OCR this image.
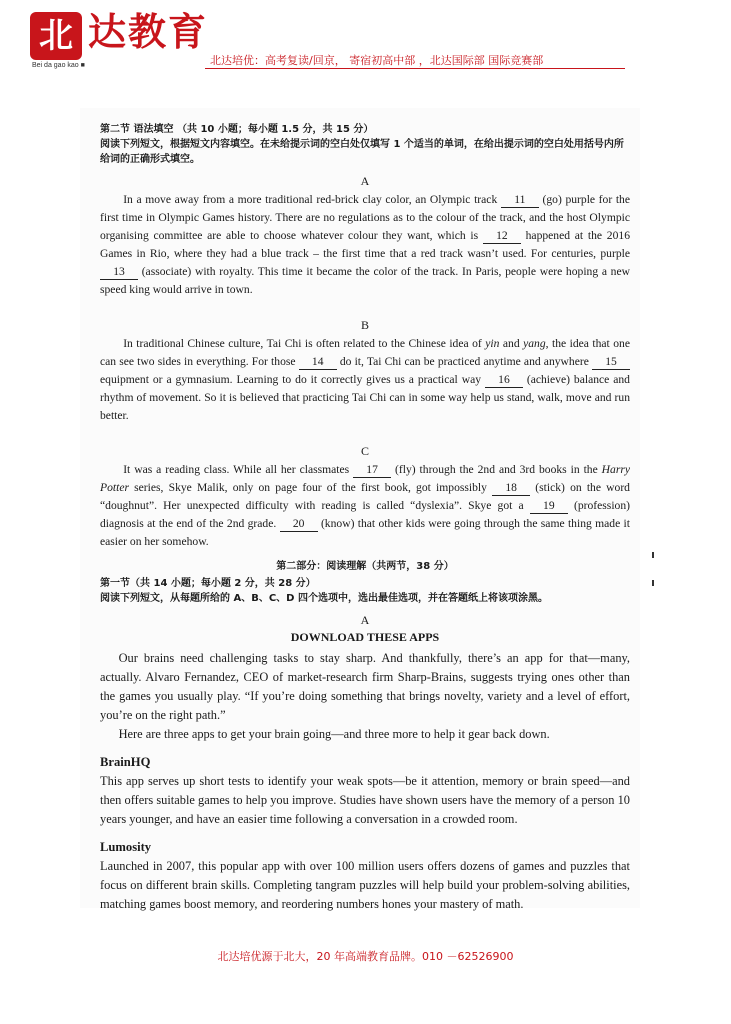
北 达教育
Bei da gao kao ■	北达培优：高考复读/回京， 寄宿初高中部 ，北达国际部 国际竞赛部

第二节 语法填空 （共 10 小题；每小题 1.5 分，共 15 分）

阅读下列短文，根据短文内容填空。在未给提示词的空白处仅填写 1 个适当的单词，在给出提示词的空白处用括号内所给词的正确形式填空。

A

In a move away from a more traditional red-brick clay color, an Olympic track 11 (go) purple for the first time in Olympic Games history. There are no regulations as to the colour of the track, and the host Olympic organising committee are able to choose whatever colour they want, which is 12 happened at the 2016 Games in Rio, where they had a blue track – the first time that a red track wasn’t used. For centuries, purple 13 (associate) with royalty. This time it became the color of the track. In Paris, people were hoping a new speed king would arrive in town.

B

In traditional Chinese culture, Tai Chi is often related to the Chinese idea of yin and yang, the idea that one can see two sides in everything. For those 14 do it, Tai Chi can be practiced anytime and anywhere 15 equipment or a gymnasium. Learning to do it correctly gives us a practical way 16 (achieve) balance and rhythm of movement. So it is believed that practicing Tai Chi can in some way help us stand, walk, move and run better.

C

It was a reading class. While all her classmates 17 (fly) through the 2nd and 3rd books in the Harry Potter series, Skye Malik, only on page four of the first book, got impossibly 18 (stick) on the word “doughnut”. Her unexpected difficulty with reading is called “dyslexia”. Skye got a 19 (profession) diagnosis at the end of the 2nd grade. 20 (know) that other kids were going through the same thing made it easier on her somehow.

第二部分：阅读理解（共两节，38 分）

第一节（共 14 小题；每小题 2 分，共 28 分）

阅读下列短文，从每题所给的 A、B、C、D 四个选项中，选出最佳选项，并在答题纸上将该项涂黑。

A
DOWNLOAD THESE APPS

Our brains need challenging tasks to stay sharp. And thankfully, there’s an app for that—many, actually. Alvaro Fernandez, CEO of market-research firm Sharp-Brains, suggests trying ones other than the games you usually play. “If you’re doing something that brings novelty, variety and a level of effort, you’re on the right path.”

Here are three apps to get your brain going—and three more to help it gear back down.

BrainHQ

This app serves up short tests to identify your weak spots—be it attention, memory or brain speed—and then offers suitable games to help you improve. Studies have shown users have the memory of a person 10 years younger, and have an easier time following a conversation in a crowded room.

Lumosity

Launched in 2007, this popular app with over 100 million users offers dozens of games and puzzles that focus on different brain skills. Completing tangram puzzles will help build your problem-solving abilities, matching games boost memory, and reordering numbers hones your mastery of math.

北达培优源于北大，20 年高端教育品牌。010 －62526900
